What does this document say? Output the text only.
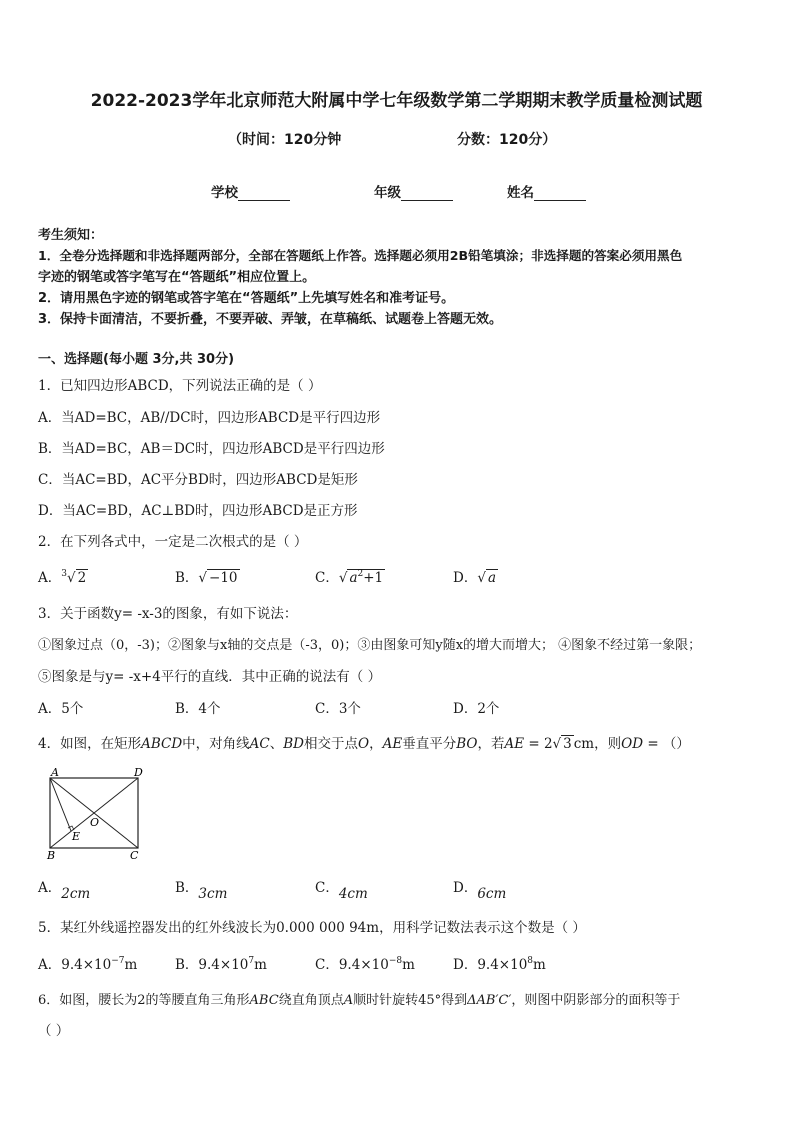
2022-2023学年北京师范大附属中学七年级数学第二学期期末教学质量检测试题
（时间：120分钟	分数：120分）
学校	年级	姓名
考生须知：
1．全卷分选择题和非选择题两部分，全部在答题纸上作答。选择题必须用2B铅笔填涂；非选择题的答案必须用黑色
字迹的钢笔或答字笔写在“答题纸”相应位置上。
2．请用黑色字迹的钢笔或答字笔在“答题纸”上先填写姓名和准考证号。
3．保持卡面清洁，不要折叠，不要弄破、弄皱，在草稿纸、试题卷上答题无效。
一、选择题(每小题 3分,共 30分)
1．已知四边形ABCD，下列说法正确的是（ ）
A．当AD=BC，AB//DC时，四边形ABCD是平行四边形
B．当AD=BC，AB＝DC时，四边形ABCD是平行四边形
C．当AC=BD，AC平分BD时，四边形ABCD是矩形
D．当AC=BD，AC⊥BD时，四边形ABCD是正方形
2．在下列各式中，一定是二次根式的是（ ）
A．$^3$√ 2	B．√ −10	C．√ $a^2+1$	D．√ a
3．关于函数y= -x-3的图象，有如下说法：
①图象过点（0，-3)；②图象与x轴的交点是（-3，0)；③由图象可知y随x的增大而增大； ④图象不经过第一象限；
⑤图象是与y= -x+4平行的直线．其中正确的说法有（ ）
A．5个	B．4个	C．3个	D．2个
4．如图，在矩形ABCD中，对角线AC、BD相交于点O，AE垂直平分BO，若AE = 2√ 3 cm，则OD = （）
A	D
B	C
O
E
A．2cm	B．3cm	C．4cm	D．6cm
5．某红外线遥控器发出的红外线波长为0.000 000 94m，用科学记数法表示这个数是（ ）
A．$9.4\times 10^{-7}m$	B．$9.4\times 10^7m$	C．$9.4\times 10^{-8}m$	D．$9.4\times 10^8m$
6．如图，腰长为2的等腰直角三角形ABC绕直角顶点A顺时针旋转45°得到ΔAB′C′，则图中阴影部分的面积等于
（ ）
